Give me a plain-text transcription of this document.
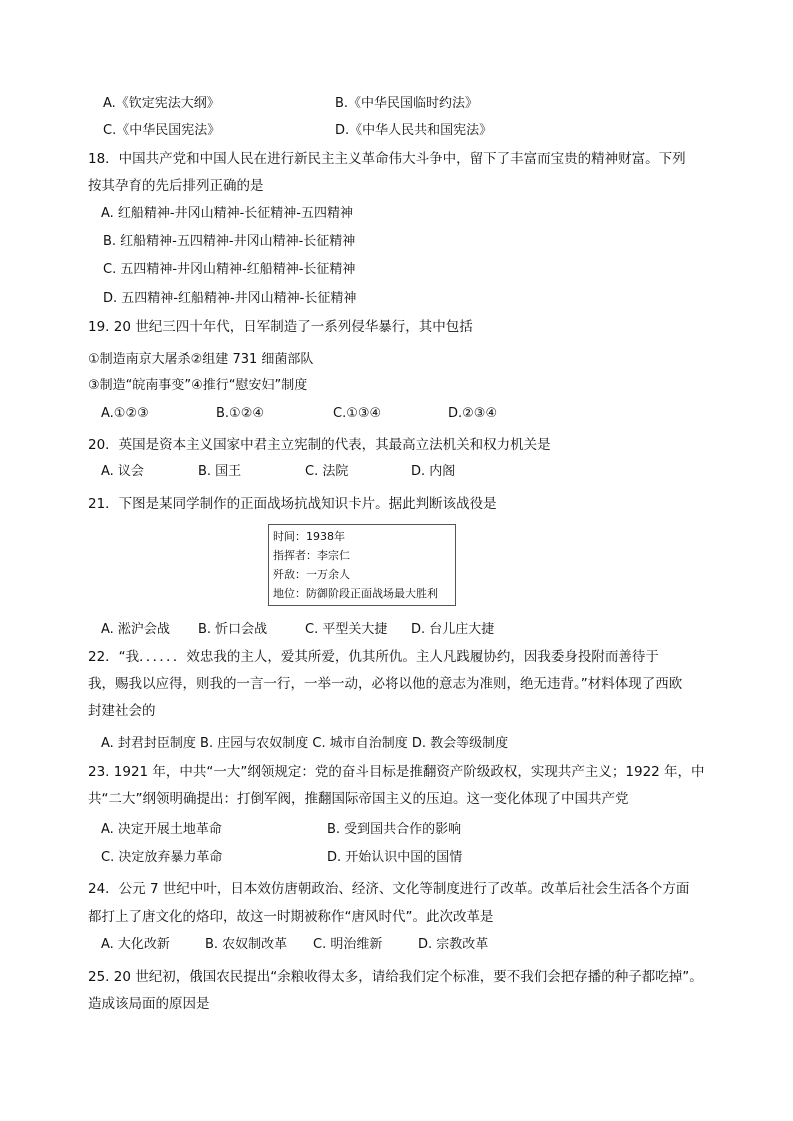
A.《钦定宪法大纲》	B.《中华民国临时约法》
C.《中华民国宪法》	D.《中华人民共和国宪法》
18．中国共产党和中国人民在进行新民主主义革命伟大斗争中，留下了丰富而宝贵的精神财富。下列
按其孕育的先后排列正确的是
A. 红船精神-井冈山精神-长征精神-五四精神
B. 红船精神-五四精神-井冈山精神-长征精神
C. 五四精神-井冈山精神-红船精神-长征精神
D. 五四精神-红船精神-井冈山精神-长征精神
19. 20 世纪三四十年代，日军制造了一系列侵华暴行，其中包括
①制造南京大屠杀②组建 731 细菌部队
③制造“皖南事变”④推行“慰安妇”制度
A.①②③	B.①②④	C.①③④	D.②③④
20．英国是资本主义国家中君主立宪制的代表，其最高立法机关和权力机关是
A. 议会	B. 国王	C. 法院	D. 内阁
21．下图是某同学制作的正面战场抗战知识卡片。据此判断该战役是
时间：1938年
指挥者：李宗仁
歼敌：一万余人
地位：防御阶段正面战场最大胜利
A. 淞沪会战 B. 忻口会战	C. 平型关大捷 D. 台儿庄大捷
22．“我．．．．．．效忠我的主人，爱其所爱，仇其所仇。主人凡践履协约，因我委身投附而善待于
我，赐我以应得，则我的一言一行，一举一动，必将以他的意志为准则，绝无违背。”材料体现了西欧
封建社会的
A. 封君封臣制度 B. 庄园与农奴制度 C. 城市自治制度 D. 教会等级制度
23. 1921 年，中共“一大”纲领规定：党的奋斗目标是推翻资产阶级政权，实现共产主义；1922 年，中
共“二大”纲领明确提出：打倒军阀，推翻国际帝国主义的压迫。这一变化体现了中国共产党
A. 决定开展土地革命	B. 受到国共合作的影响
C. 决定放弃暴力革命	D. 开始认识中国的国情
24．公元 7 世纪中叶，日本效仿唐朝政治、经济、文化等制度进行了改革。改革后社会生活各个方面
都打上了唐文化的烙印，故这一时期被称作“唐风时代”。此次改革是
A. 大化改新	B. 农奴制改革 C. 明治维新	D. 宗教改革
25. 20 世纪初，俄国农民提出“余粮收得太多，请给我们定个标准，要不我们会把存播的种子都吃掉”。
造成该局面的原因是
